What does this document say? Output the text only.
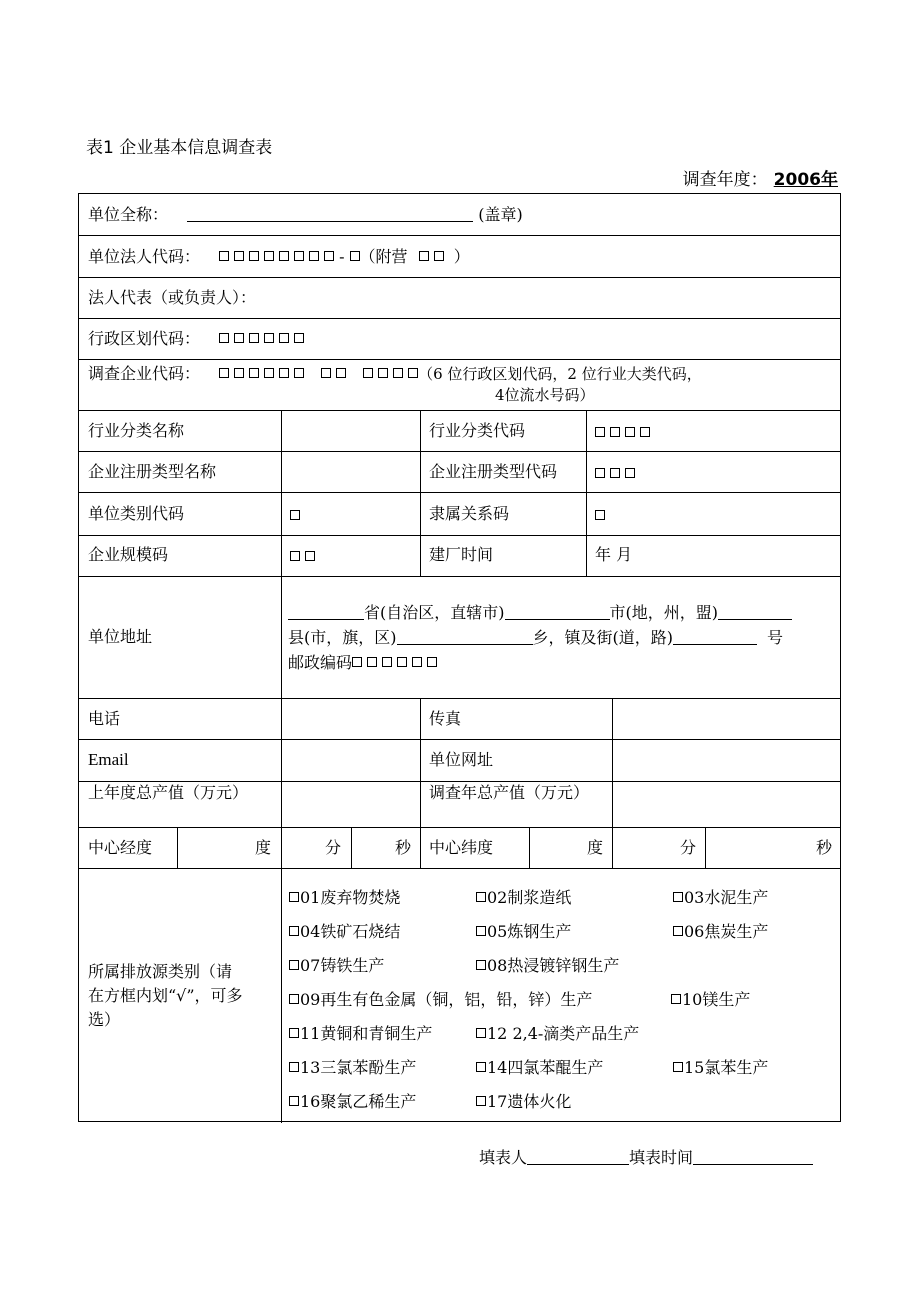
表1 企业基本信息调查表
调查年度： 2006年
单位全称：	(盖章)
单位法人代码：	- （附营	）
法人代表（或负责人）：
行政区划代码：
调查企业代码：	（6 位行政区划代码，2 位行业大类代码，
4位流水号码）
行业分类名称	行业分类代码
企业注册类型名称	企业注册类型代码
单位类别代码	隶属关系码
企业规模码	建厂时间	年 月
单位地址
省(自治区，直辖市)	市(地，州，盟)
县(市，旗，区)	乡，镇及街(道，路)	号
邮政编码
电话	传真
Email	单位网址
上年度总产值（万元）	调查年总产值（万元）
中心经度	度	分	秒 中心纬度	度	分	秒
所属排放源类别（请
在方框内划“√”，可多
选）
01废弃物焚烧	02制浆造纸	03水泥生产
04铁矿石烧结	05炼钢生产	06焦炭生产
07铸铁生产	08热浸镀锌钢生产
09再生有色金属（铜，铝，铅，锌）生产	10镁生产
11黄铜和青铜生产	12 2,4-滴类产品生产
13三氯苯酚生产	14四氯苯醌生产	15氯苯生产
16聚氯乙稀生产	17遗体火化
填表人	填表时间
